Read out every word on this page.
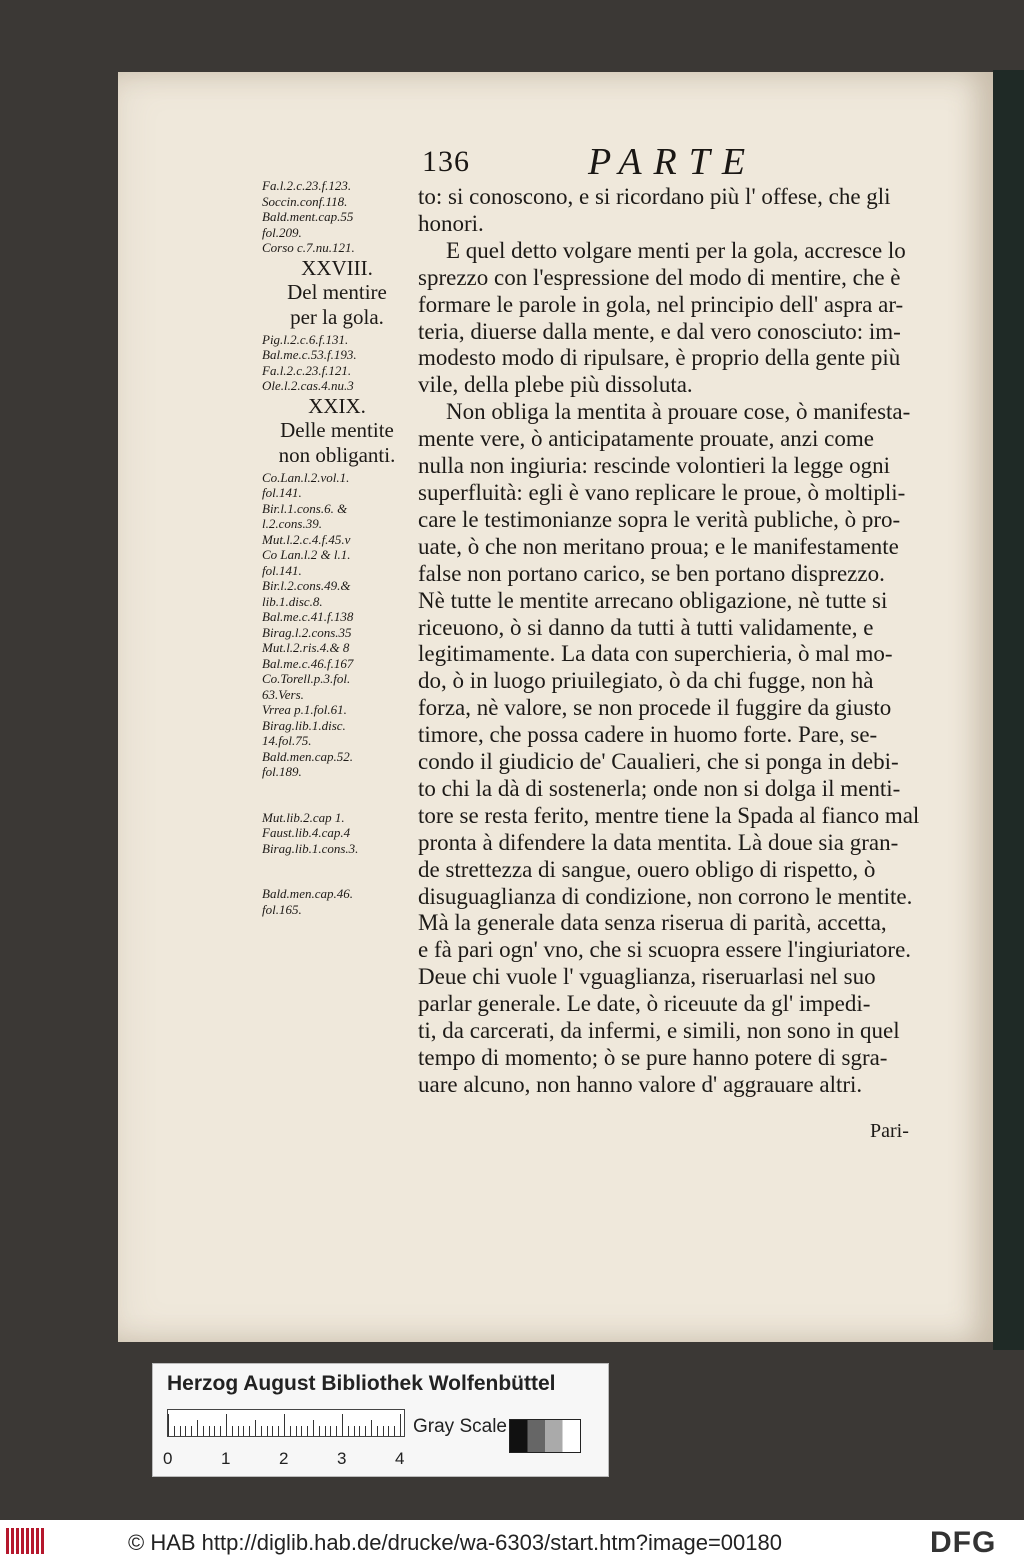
136	PARTE
Fa.l.2.c.23.f.123.
Soccin.conf.118.
Bald.ment.cap.55
fol.209.
Corso c.7.nu.121.
XXVIII.
Del mentire
per la gola.
Pig.l.2.c.6.f.131.
Bal.me.c.53.f.193.
Fa.l.2.c.23.f.121.
Ole.l.2.cas.4.nu.3
XXIX.
Delle mentite
non obliganti.
Co.Lan.l.2.vol.1.
fol.141.
Bir.l.1.cons.6. &
l.2.cons.39.
Mut.l.2.c.4.f.45.v
Co Lan.l.2 & l.1.
fol.141.
Bir.l.2.cons.49.&
lib.1.disc.8.
Bal.me.c.41.f.138
Birag.l.2.cons.35
Mut.l.2.ris.4.& 8
Bal.me.c.46.f.167
Co.Torell.p.3.fol.
63.Vers.
Vrrea p.1.fol.61.
Birag.lib.1.disc.
14.fol.75.
Bald.men.cap.52.
fol.189.
Mut.lib.2.cap 1.
Faust.lib.4.cap.4
Birag.lib.1.cons.3.
Bald.men.cap.46.
fol.165.
to: si conoscono, e si ricordano più l' offese, che gli
honori.
E quel detto volgare menti per la gola, accresce lo
sprezzo con l'espressione del modo di mentire, che è
formare le parole in gola, nel principio dell' aspra ar-
teria, diuerse dalla mente, e dal vero conosciuto: im-
modesto modo di ripulsare, è proprio della gente più
vile, della plebe più dissoluta.
Non obliga la mentita à prouare cose, ò manifesta-
mente vere, ò anticipatamente prouate, anzi come
nulla non ingiuria: rescinde volontieri la legge ogni
superfluità: egli è vano replicare le proue, ò moltipli-
care le testimonianze sopra le verità publiche, ò pro-
uate, ò che non meritano proua; e le manifestamente
false non portano carico, se ben portano disprezzo.
Nè tutte le mentite arrecano obligazione, nè tutte si
riceuono, ò si danno da tutti à tutti validamente, e
legitimamente. La data con superchieria, ò mal mo-
do, ò in luogo priuilegiato, ò da chi fugge, non hà
forza, nè valore, se non procede il fuggire da giusto
timore, che possa cadere in huomo forte. Pare, se-
condo il giudicio de' Caualieri, che si ponga in debi-
to chi la dà di sostenerla; onde non si dolga il menti-
tore se resta ferito, mentre tiene la Spada al fianco mal
pronta à difendere la data mentita. Là doue sia gran-
de strettezza di sangue, ouero obligo di rispetto, ò
disuguaglianza di condizione, non corrono le mentite.
Mà la generale data senza riserua di parità, accetta,
e fà pari ogn' vno, che si scuopra essere l'ingiuriatore.
Deue chi vuole l' vguaglianza, riseruarlasi nel suo
parlar generale. Le date, ò riceuute da gl' impedi-
ti, da carcerati, da infermi, e simili, non sono in quel
tempo di momento; ò se pure hanno potere di sgra-
uare alcuno, non hanno valore d' aggrauare altri.
Pari-
Herzog August Bibliothek Wolfenbüttel
0	1	2	3	4
Gray Scale
© HAB http://diglib.hab.de/drucke/wa-6303/start.htm?image=00180	DFG
